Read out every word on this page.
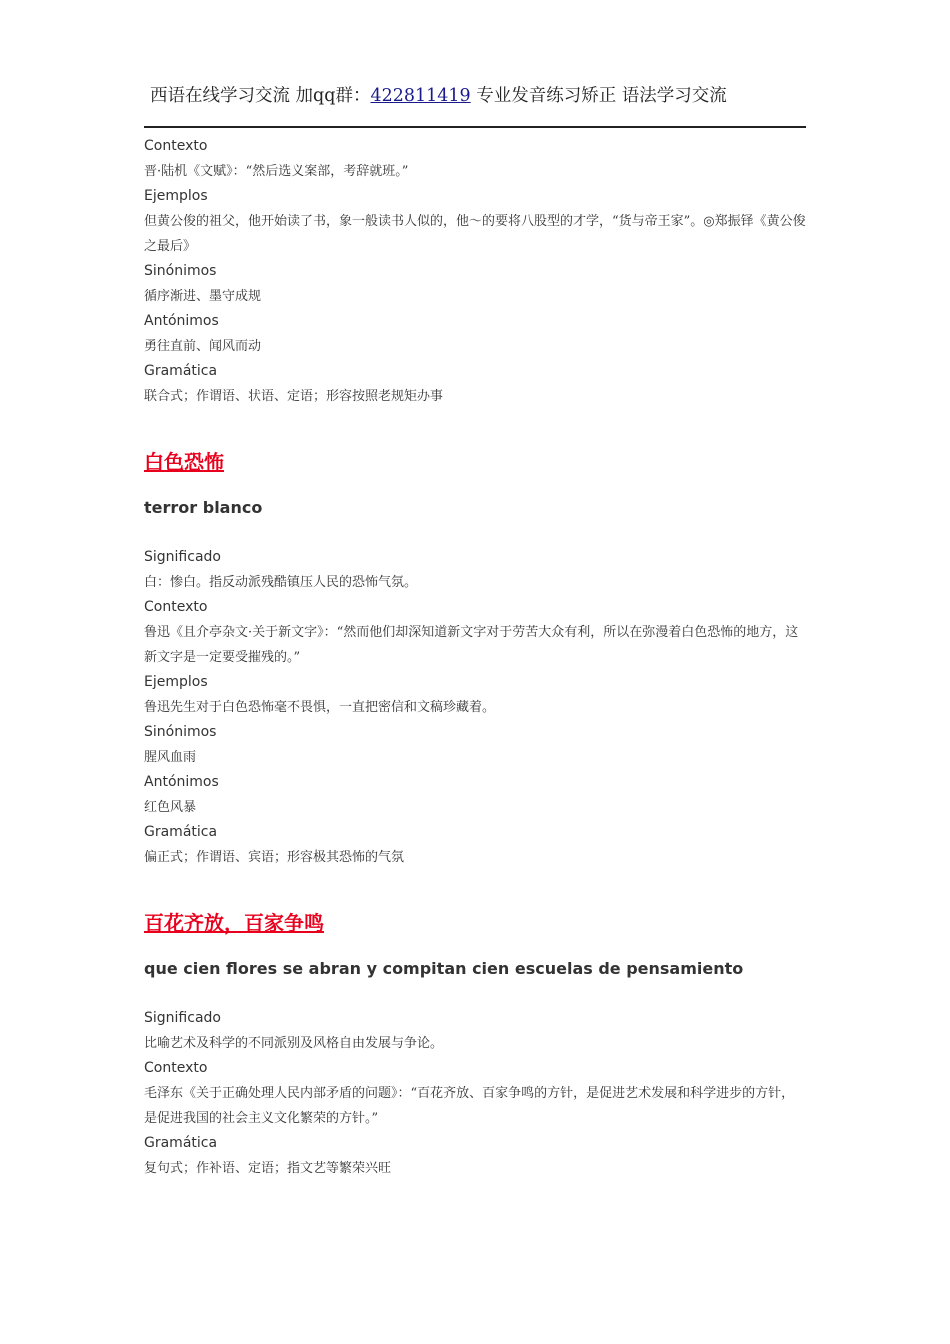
西语在线学习交流 加qq群：422811419 专业发音练习矫正 语法学习交流
Contexto
晋·陆机《文赋》：“然后选义案部，考辞就班。”
Ejemplos
但黄公俊的祖父，他开始读了书，象一般读书人似的，他～的要将八股型的才学，“货与帝王家”。◎郑振铎《黄公俊之最后》
Sinónimos
循序渐进、墨守成规
Antónimos
勇往直前、闻风而动
Gramática
联合式；作谓语、状语、定语；形容按照老规矩办事
白色恐怖
terror blanco
Significado
白：惨白。指反动派残酷镇压人民的恐怖气氛。
Contexto
鲁迅《且介亭杂文·关于新文字》：“然而他们却深知道新文字对于劳苦大众有利，所以在弥漫着白色恐怖的地方，这新文字是一定要受摧残的。”
Ejemplos
鲁迅先生对于白色恐怖毫不畏惧，一直把密信和文稿珍藏着。
Sinónimos
腥风血雨
Antónimos
红色风暴
Gramática
偏正式；作谓语、宾语；形容极其恐怖的气氛
百花齐放，百家争鸣
que cien flores se abran y compitan cien escuelas de pensamiento
Significado
比喻艺术及科学的不同派别及风格自由发展与争论。
Contexto
毛泽东《关于正确处理人民内部矛盾的问题》：“百花齐放、百家争鸣的方针，是促进艺术发展和科学进步的方针，是促进我国的社会主义文化繁荣的方针。”
Gramática
复句式；作补语、定语；指文艺等繁荣兴旺
